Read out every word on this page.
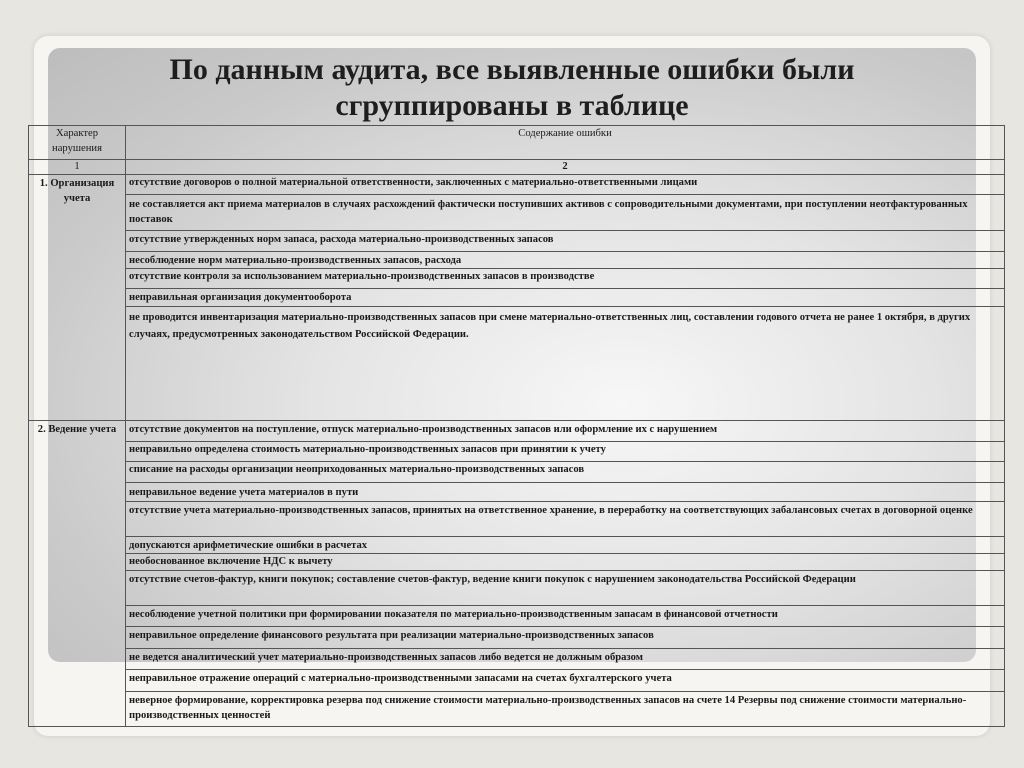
По данным аудита, все выявленные ошибки были
сгруппированы в таблице
Характер нарушения	Содержание ошибки
1	2
1. Организация учета	отсутствие договоров о полной материальной ответственности, заключенных с материально-ответственными лицами
	не составляется акт приема материалов в случаях расхождений фактически поступивших активов с сопроводительными документами, при поступлении неотфактурованных поставок
	отсутствие утвержденных норм запаса, расхода материально-производственных запасов
	несоблюдение норм материально-производственных запасов, расхода
	отсутствие контроля за использованием материально-производственных запасов в производстве
	неправильная организация документооборота
	не проводится инвентаризация материально-производственных запасов при смене материально-ответственных лиц, составлении годового отчета не ранее 1 октября, в других случаях, предусмотренных законодательством Российской Федерации.
2. Ведение учета	отсутствие документов на поступление, отпуск материально-производственных запасов или оформление их с нарушением
	неправильно определена стоимость материально-производственных запасов при принятии к учету
	списание на расходы организации неоприходованных материально-производственных запасов
	неправильное ведение учета материалов в пути
	отсутствие учета материально-производственных запасов, принятых на ответственное хранение, в переработку на соответствующих забалансовых счетах в договорной оценке
	допускаются арифметические ошибки в расчетах
	необоснованное включение НДС к вычету
	отсутствие счетов-фактур, книги покупок; составление счетов-фактур, ведение книги покупок с нарушением законодательства Российской Федерации
	несоблюдение учетной политики при формировании показателя по материально-производственным запасам в финансовой отчетности
	неправильное определение финансового результата при реализации материально-производственных запасов
	не ведется аналитический учет материально-производственных запасов либо ведется не должным образом
	неправильное отражение операций с материально-производственными запасами на счетах бухгалтерского учета
	неверное формирование, корректировка резерва под снижение стоимости материально-производственных запасов на счете 14 Резервы под снижение стоимости материально-производственных ценностей
